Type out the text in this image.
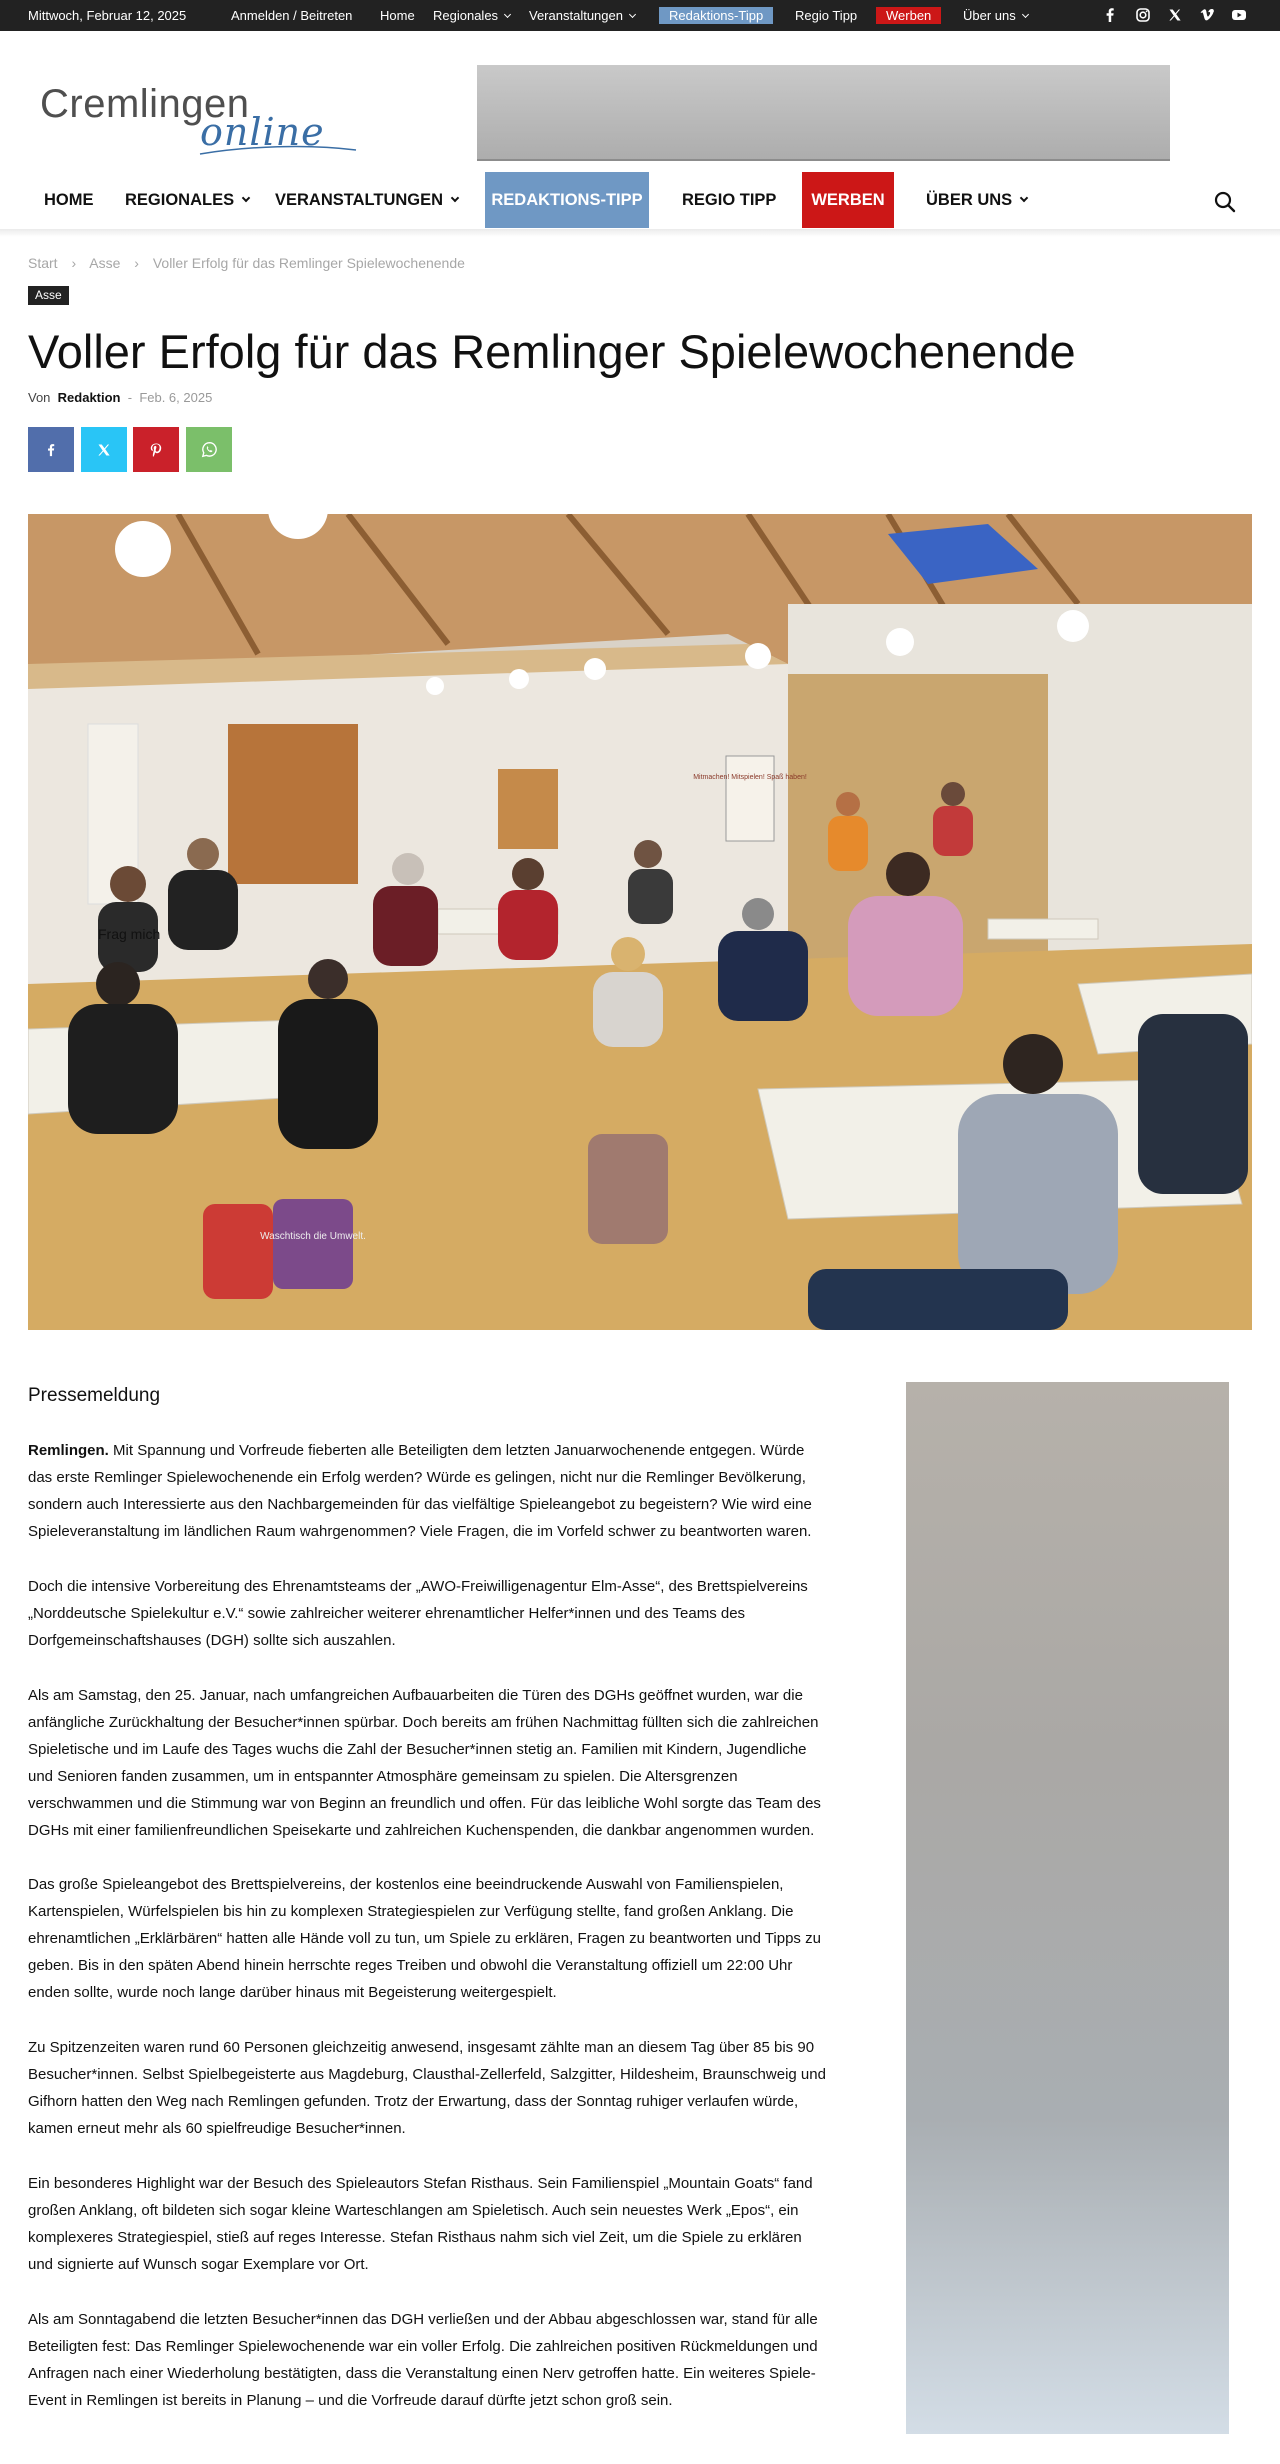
Mittwoch, Februar 12, 2025	Anmelden / Beitreten Home Regionales	Veranstaltungen	Redaktions-Tipp	Regio Tipp	Werben	Über uns
Cremlingen
online
HOME REGIONALES	VERANSTALTUNGEN	REDAKTIONS-TIPP	REGIO TIPP	WERBEN	ÜBER UNS
Start › Asse › Voller Erfolg für das Remlinger Spielewochenende
Asse
Voller Erfolg für das Remlinger Spielewochenende
Von Redaktion - Feb. 6, 2025
Mitmachen! Mitspielen! Spaß haben!
Frag mich
Waschtisch die Umwelt.
Pressemeldung

Remlingen. Mit Spannung und Vorfreude fieberten alle Beteiligten dem letzten Januarwochenende entgegen. Würde das erste Remlinger Spielewochenende ein Erfolg werden? Würde es gelingen, nicht nur die Remlinger Bevölkerung, sondern auch Interessierte aus den Nachbargemeinden für das vielfältige Spieleangebot zu begeistern? Wie wird eine Spieleveranstaltung im ländlichen Raum wahrgenommen? Viele Fragen, die im Vorfeld schwer zu beantworten waren.

Doch die intensive Vorbereitung des Ehrenamtsteams der „AWO-Freiwilligenagentur Elm-Asse“, des Brettspielvereins „Norddeutsche Spielekultur e.V.“ sowie zahlreicher weiterer ehrenamtlicher Helfer*innen und des Teams des Dorfgemeinschaftshauses (DGH) sollte sich auszahlen.

Als am Samstag, den 25. Januar, nach umfangreichen Aufbauarbeiten die Türen des DGHs geöffnet wurden, war die anfängliche Zurückhaltung der Besucher*innen spürbar. Doch bereits am frühen Nachmittag füllten sich die zahlreichen Spieletische und im Laufe des Tages wuchs die Zahl der Besucher*innen stetig an. Familien mit Kindern, Jugendliche und Senioren fanden zusammen, um in entspannter Atmosphäre gemeinsam zu spielen. Die Altersgrenzen verschwammen und die Stimmung war von Beginn an freundlich und offen. Für das leibliche Wohl sorgte das Team des DGHs mit einer familienfreundlichen Speisekarte und zahlreichen Kuchenspenden, die dankbar angenommen wurden.

Das große Spieleangebot des Brettspielvereins, der kostenlos eine beeindruckende Auswahl von Familienspielen, Kartenspielen, Würfelspielen bis hin zu komplexen Strategiespielen zur Verfügung stellte, fand großen Anklang. Die ehrenamtlichen „Erklärbären“ hatten alle Hände voll zu tun, um Spiele zu erklären, Fragen zu beantworten und Tipps zu geben. Bis in den späten Abend hinein herrschte reges Treiben und obwohl die Veranstaltung offiziell um 22:00 Uhr enden sollte, wurde noch lange darüber hinaus mit Begeisterung weitergespielt.

Zu Spitzenzeiten waren rund 60 Personen gleichzeitig anwesend, insgesamt zählte man an diesem Tag über 85 bis 90 Besucher*innen. Selbst Spielbegeisterte aus Magdeburg, Clausthal-Zellerfeld, Salzgitter, Hildesheim, Braunschweig und Gifhorn hatten den Weg nach Remlingen gefunden. Trotz der Erwartung, dass der Sonntag ruhiger verlaufen würde, kamen erneut mehr als 60 spielfreudige Besucher*innen.

Ein besonderes Highlight war der Besuch des Spieleautors Stefan Risthaus. Sein Familienspiel „Mountain Goats“ fand großen Anklang, oft bildeten sich sogar kleine Warteschlangen am Spieletisch. Auch sein neuestes Werk „Epos“, ein komplexeres Strategiespiel, stieß auf reges Interesse. Stefan Risthaus nahm sich viel Zeit, um die Spiele zu erklären und signierte auf Wunsch sogar Exemplare vor Ort.

Als am Sonntagabend die letzten Besucher*innen das DGH verließen und der Abbau abgeschlossen war, stand für alle Beteiligten fest: Das Remlinger Spielewochenende war ein voller Erfolg. Die zahlreichen positiven Rückmeldungen und Anfragen nach einer Wiederholung bestätigten, dass die Veranstaltung einen Nerv getroffen hatte. Ein weiteres Spiele-Event in Remlingen ist bereits in Planung – und die Vorfreude darauf dürfte jetzt schon groß sein.
